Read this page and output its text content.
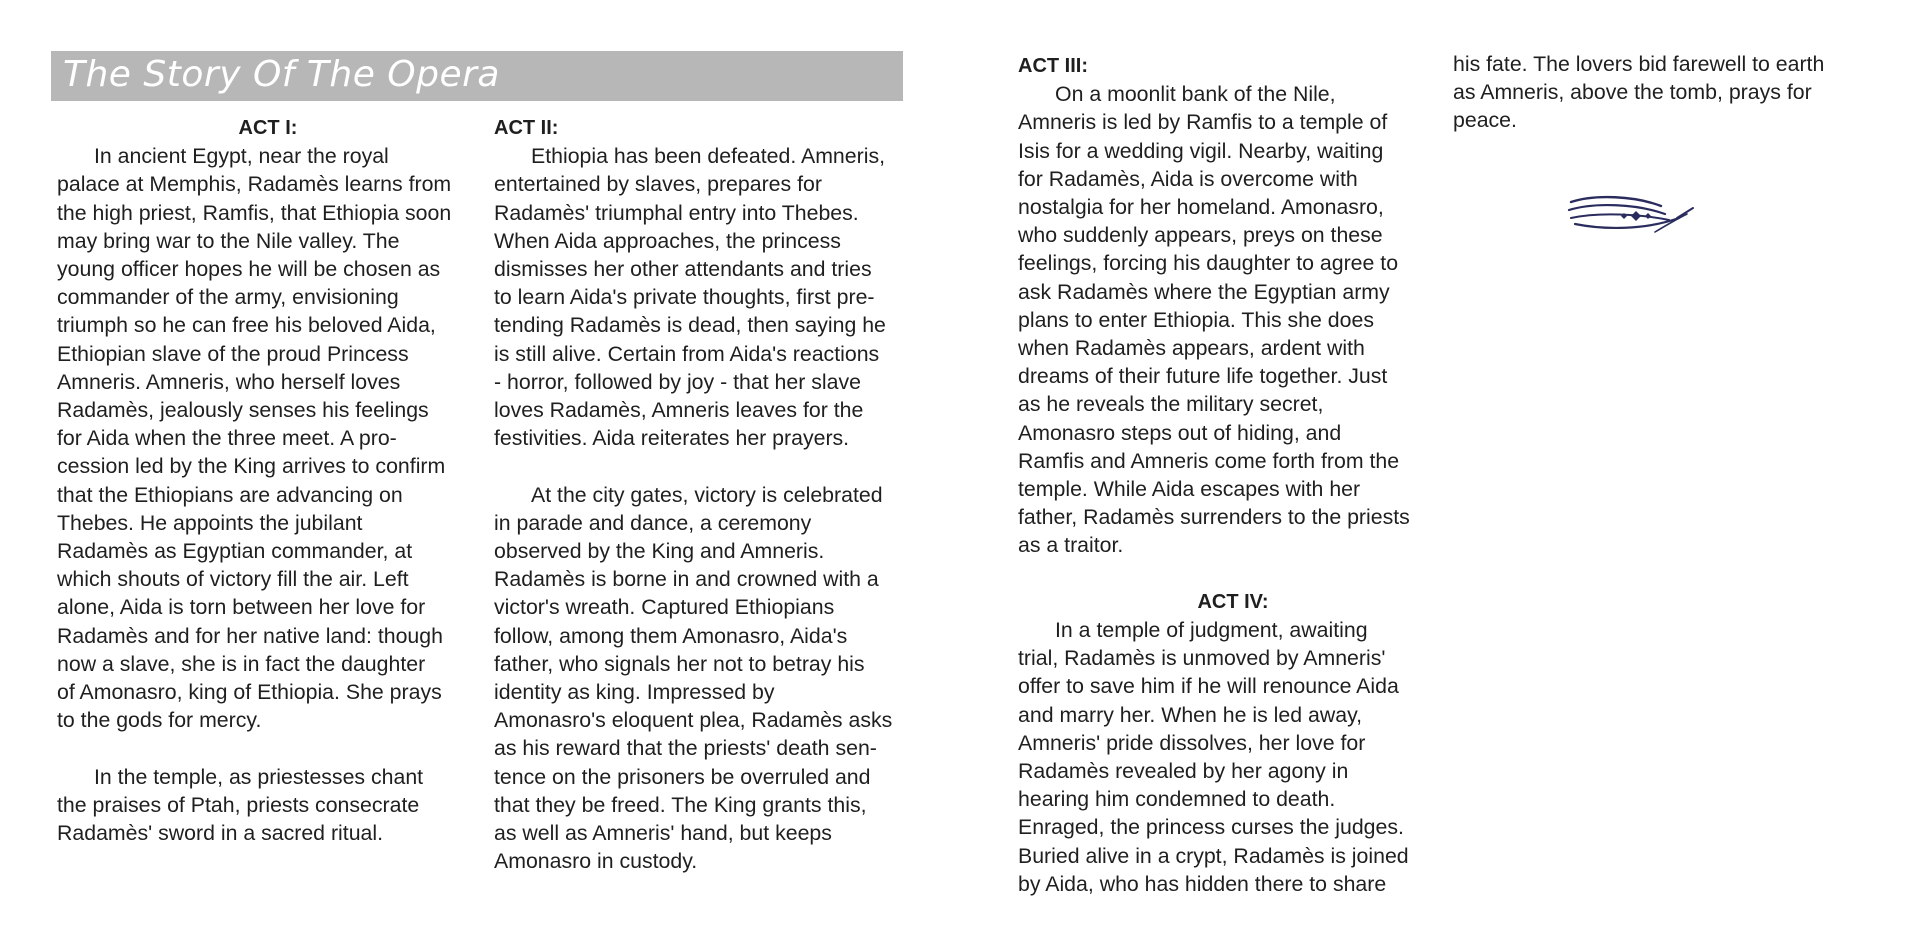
The Story Of The Opera
ACT I:

In ancient Egypt, near the royal

palace at Memphis, Radamès learns from

the high priest, Ramfis, that Ethiopia soon

may bring war to the Nile valley. The

young officer hopes he will be chosen as

commander of the army, envisioning

triumph so he can free his beloved Aida,

Ethiopian slave of the proud Princess

Amneris. Amneris, who herself loves

Radamès, jealously senses his feelings

for Aida when the three meet. A pro-

cession led by the King arrives to confirm

that the Ethiopians are advancing on

Thebes. He appoints the jubilant

Radamès as Egyptian commander, at

which shouts of victory fill the air. Left

alone, Aida is torn between her love for

Radamès and for her native land: though

now a slave, she is in fact the daughter

of Amonasro, king of Ethiopia. She prays

to the gods for mercy.

In the temple, as priestesses chant

the praises of Ptah, priests consecrate

Radamès' sword in a sacred ritual.

ACT II:

Ethiopia has been defeated. Amneris,

entertained by slaves, prepares for

Radamès' triumphal entry into Thebes.

When Aida approaches, the princess

dismisses her other attendants and tries

to learn Aida's private thoughts, first pre-

tending Radamès is dead, then saying he

is still alive. Certain from Aida's reactions

- horror, followed by joy - that her slave

loves Radamès, Amneris leaves for the

festivities. Aida reiterates her prayers.

At the city gates, victory is celebrated

in parade and dance, a ceremony

observed by the King and Amneris.

Radamès is borne in and crowned with a

victor's wreath. Captured Ethiopians

follow, among them Amonasro, Aida's

father, who signals her not to betray his

identity as king. Impressed by

Amonasro's eloquent plea, Radamès asks

as his reward that the priests' death sen-

tence on the prisoners be overruled and

that they be freed. The King grants this,

as well as Amneris' hand, but keeps

Amonasro in custody.

ACT III:

On a moonlit bank of the Nile,

Amneris is led by Ramfis to a temple of

Isis for a wedding vigil. Nearby, waiting

for Radamès, Aida is overcome with

nostalgia for her homeland. Amonasro,

who suddenly appears, preys on these

feelings, forcing his daughter to agree to

ask Radamès where the Egyptian army

plans to enter Ethiopia. This she does

when Radamès appears, ardent with

dreams of their future life together. Just

as he reveals the military secret,

Amonasro steps out of hiding, and

Ramfis and Amneris come forth from the

temple. While Aida escapes with her

father, Radamès surrenders to the priests

as a traitor.

ACT IV:

In a temple of judgment, awaiting

trial, Radamès is unmoved by Amneris'

offer to save him if he will renounce Aida

and marry her. When he is led away,

Amneris' pride dissolves, her love for

Radamès revealed by her agony in

hearing him condemned to death.

Enraged, the princess curses the judges.

Buried alive in a crypt, Radamès is joined

by Aida, who has hidden there to share

his fate. The lovers bid farewell to earth

as Amneris, above the tomb, prays for

peace.
